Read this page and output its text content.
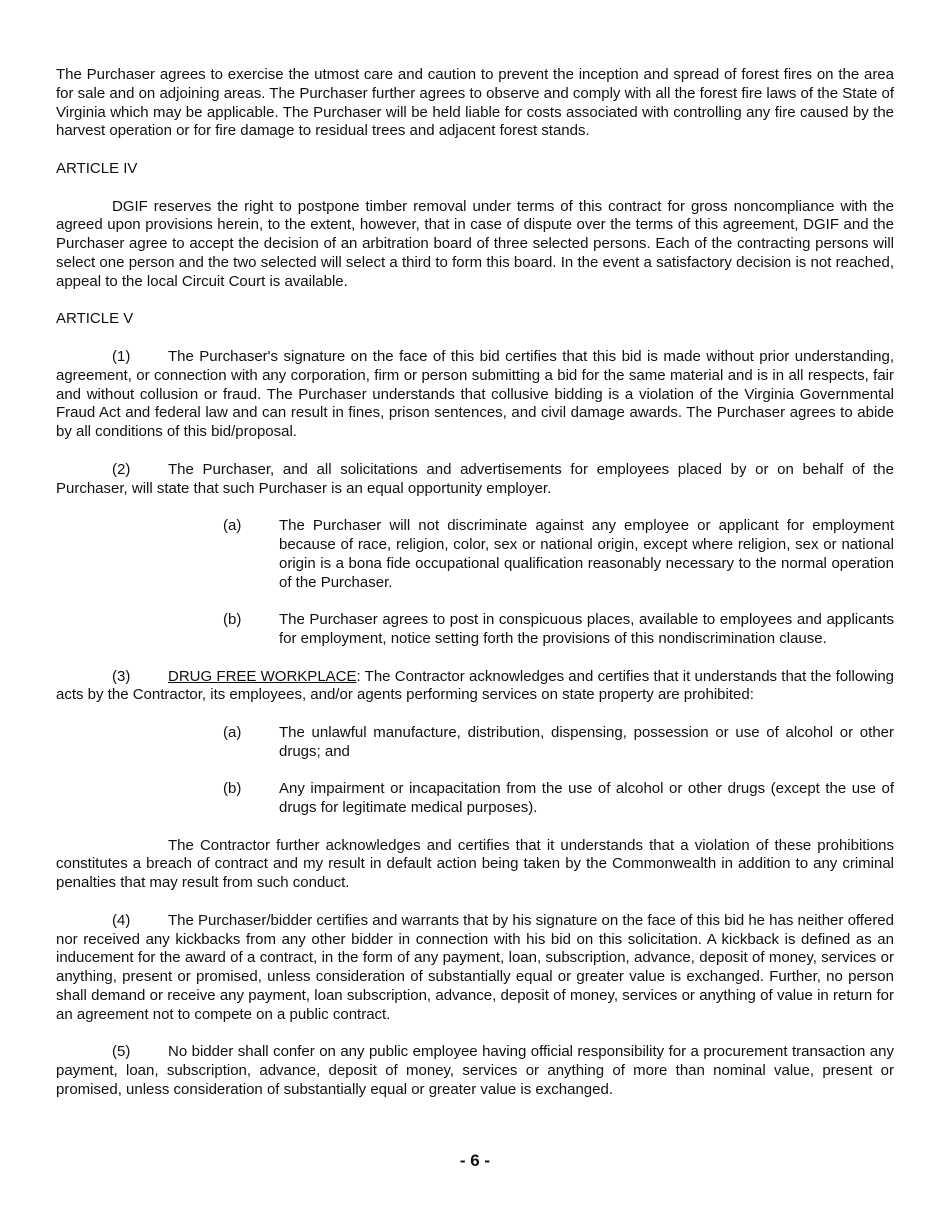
The Purchaser agrees to exercise the utmost care and caution to prevent the inception and spread of forest fires on the area for sale and on adjoining areas. The Purchaser further agrees to observe and comply with all the forest fire laws of the State of Virginia which may be applicable. The Purchaser will be held liable for costs associated with controlling any fire caused by the harvest operation or for fire damage to residual trees and adjacent forest stands.

ARTICLE IV

DGIF reserves the right to postpone timber removal under terms of this contract for gross noncompliance with the agreed upon provisions herein, to the extent, however, that in case of dispute over the terms of this agreement, DGIF and the Purchaser agree to accept the decision of an arbitration board of three selected persons. Each of the contracting persons will select one person and the two selected will select a third to form this board. In the event a satisfactory decision is not reached, appeal to the local Circuit Court is available.

ARTICLE V

(1)	The Purchaser's signature on the face of this bid certifies that this bid is made without prior understanding, agreement, or connection with any corporation, firm or person submitting a bid for the same material and is in all respects, fair and without collusion or fraud. The Purchaser understands that collusive bidding is a violation of the Virginia Governmental Fraud Act and federal law and can result in fines, prison sentences, and civil damage awards. The Purchaser agrees to abide by all conditions of this bid/proposal.

(2)	The Purchaser, and all solicitations and advertisements for employees placed by or on behalf of the Purchaser, will state that such Purchaser is an equal opportunity employer.

(a)	The Purchaser will not discriminate against any employee or applicant for employment because of race, religion, color, sex or national origin, except where religion, sex or national origin is a bona fide occupational qualification reasonably necessary to the normal operation of the Purchaser.
(b)	The Purchaser agrees to post in conspicuous places, available to employees and applicants for employment, notice setting forth the provisions of this nondiscrimination clause.

(3)	DRUG FREE WORKPLACE: The Contractor acknowledges and certifies that it understands that the following acts by the Contractor, its employees, and/or agents performing services on state property are prohibited:

(a)	The unlawful manufacture, distribution, dispensing, possession or use of alcohol or other drugs; and
(b)	Any impairment or incapacitation from the use of alcohol or other drugs (except the use of drugs for legitimate medical purposes).

The Contractor further acknowledges and certifies that it understands that a violation of these prohibitions constitutes a breach of contract and my result in default action being taken by the Commonwealth in addition to any criminal penalties that may result from such conduct.

(4)	The Purchaser/bidder certifies and warrants that by his signature on the face of this bid he has neither offered nor received any kickbacks from any other bidder in connection with his bid on this solicitation. A kickback is defined as an inducement for the award of a contract, in the form of any payment, loan, subscription, advance, deposit of money, services or anything, present or promised, unless consideration of substantially equal or greater value is exchanged. Further, no person shall demand or receive any payment, loan subscription, advance, deposit of money, services or anything of value in return for an agreement not to compete on a public contract.

(5)	No bidder shall confer on any public employee having official responsibility for a procurement transaction any payment, loan, subscription, advance, deposit of money, services or anything of more than nominal value, present or promised, unless consideration of substantially equal or greater value is exchanged.

- 6 -
